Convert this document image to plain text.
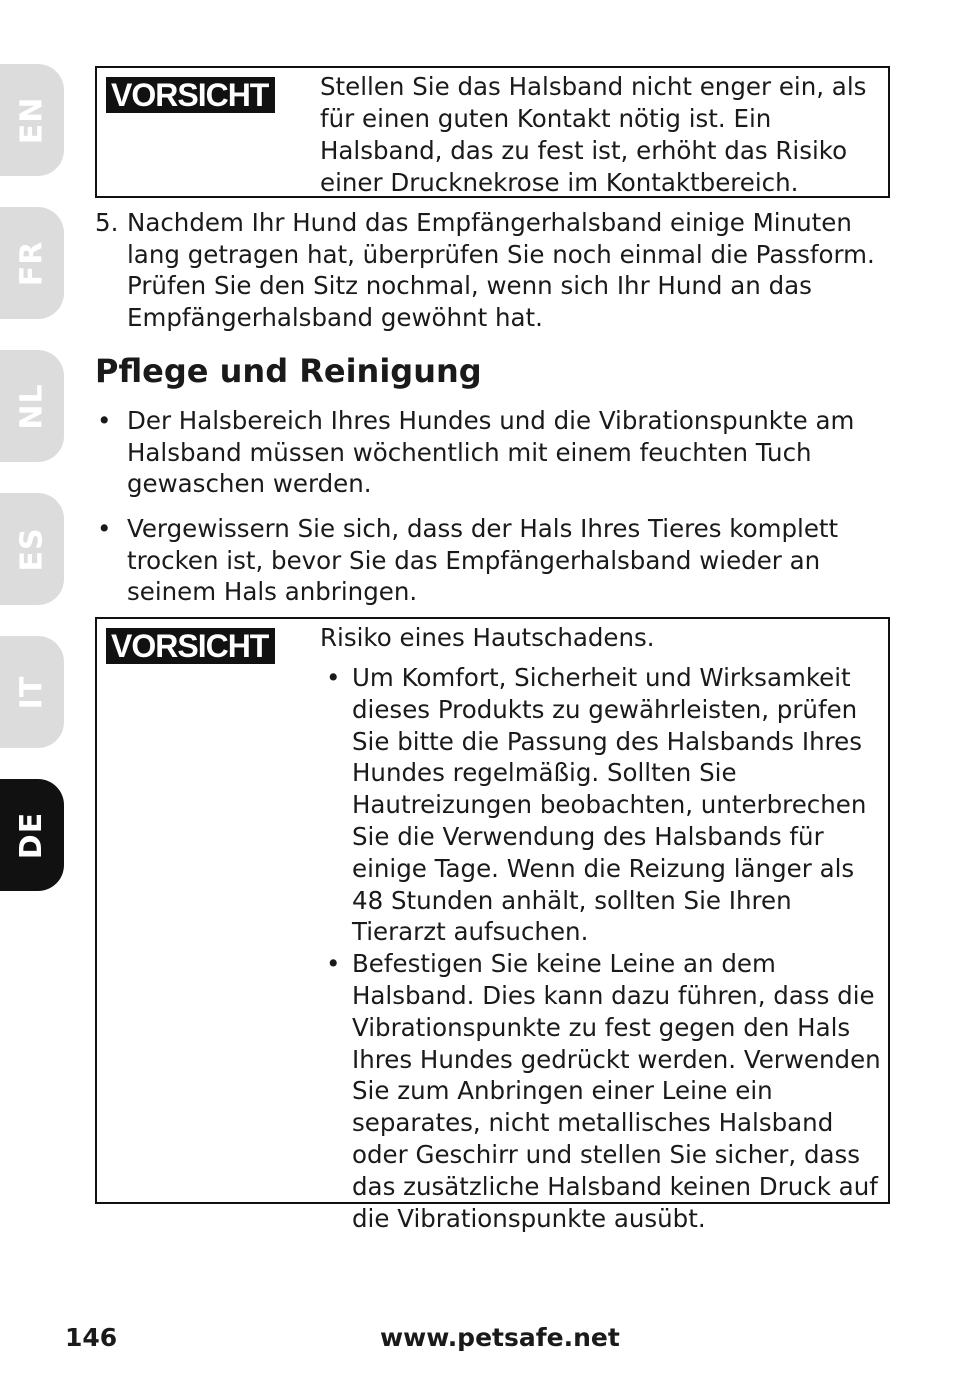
EN
FR
NL
ES
IT
DE
VORSICHT Stellen Sie das Halsband nicht enger ein, als für einen guten Kontakt nötig ist. Ein Halsband, das zu fest ist, erhöht das Risiko einer Drucknekrose im Kontaktbereich.

5. Nachdem Ihr Hund das Empfängerhalsband einige Minuten lang getragen hat, überprüfen Sie noch einmal die Passform. Prüfen Sie den Sitz nochmal, wenn sich Ihr Hund an das Empfängerhalsband gewöhnt hat.
Pflege und Reinigung
• Der Halsbereich Ihres Hundes und die Vibrationspunkte am Halsband müssen wöchentlich mit einem feuchten Tuch gewaschen werden.
• Vergewissern Sie sich, dass der Hals Ihres Tieres komplett trocken ist, bevor Sie das Empfängerhalsband wieder an seinem Hals anbringen.
VORSICHT Risiko eines Hautschadens.

• Um Komfort, Sicherheit und Wirksamkeit dieses Produkts zu gewährleisten, prüfen Sie bitte die Passung des Halsbands Ihres Hundes regelmäßig. Sollten Sie Hautreizungen beobachten, unterbrechen Sie die Verwendung des Halsbands für einige Tage. Wenn die Reizung länger als 48 Stunden anhält, sollten Sie Ihren Tierarzt aufsuchen.
• Befestigen Sie keine Leine an dem Halsband. Dies kann dazu führen, dass die Vibrationspunkte zu fest gegen den Hals Ihres Hundes gedrückt werden. Verwenden Sie zum Anbringen einer Leine ein separates, nicht metallisches Halsband oder Geschirr und stellen Sie sicher, dass das zusätzliche Halsband keinen Druck auf die Vibrationspunkte ausübt.
146	www.petsafe.net
